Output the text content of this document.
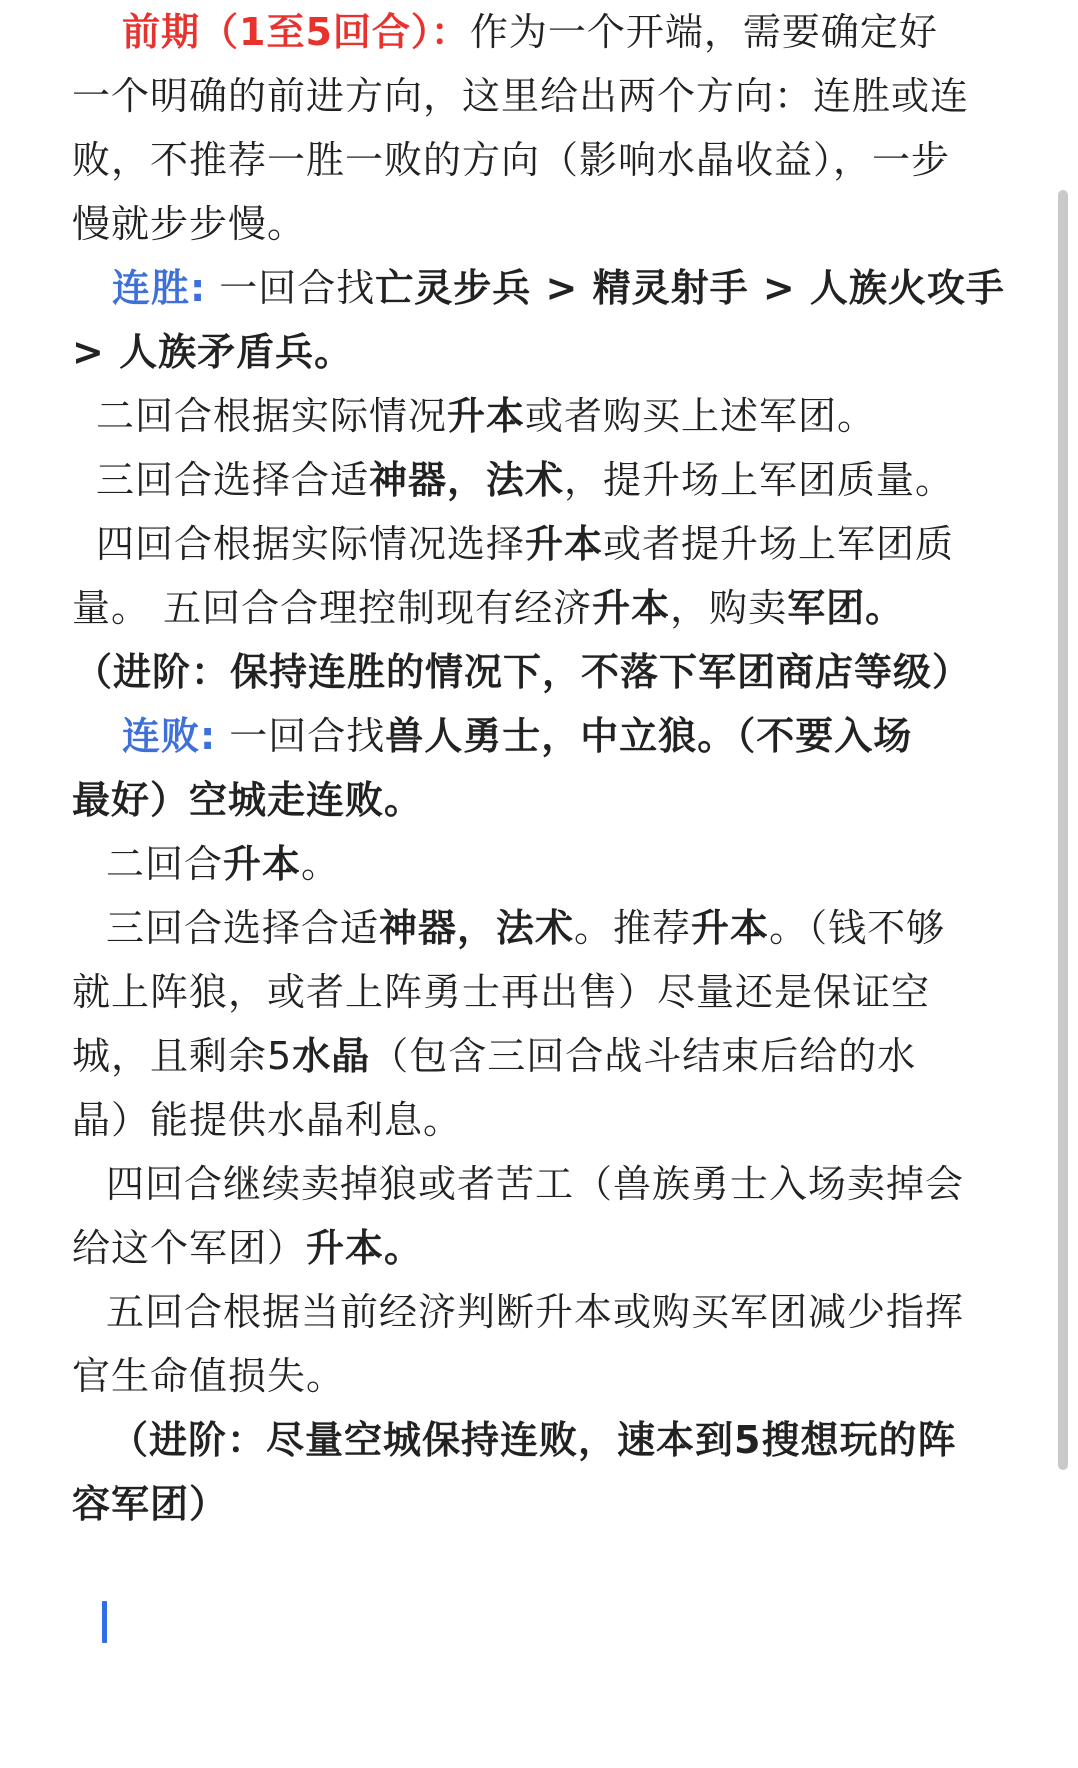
前期（1至5回合）：作为一个开端，需要确定好
一个明确的前进方向，这里给出两个方向：连胜或连
败，不推荐一胜一败的方向（影响水晶收益），一步
慢就步步慢。
连胜: 一回合找亡灵步兵 > 精灵射手 > 人族火攻手
> 人族矛盾兵。
二回合根据实际情况升本或者购买上述军团。
三回合选择合适神器，法术，提升场上军团质量。
四回合根据实际情况选择升本或者提升场上军团质
量。 五回合合理控制现有经济升本，购卖军团。
（进阶：保持连胜的情况下，不落下军团商店等级）
连败: 一回合找兽人勇士，中立狼。（不要入场
最好）空城走连败。
二回合升本。
三回合选择合适神器，法术。推荐升本。（钱不够
就上阵狼，或者上阵勇士再出售）尽量还是保证空
城，且剩余5水晶（包含三回合战斗结束后给的水
晶）能提供水晶利息。
四回合继续卖掉狼或者苦工（兽族勇士入场卖掉会
给这个军团）升本。
五回合根据当前经济判断升本或购买军团减少指挥
官生命值损失。
（进阶：尽量空城保持连败，速本到5搜想玩的阵
容军团）
